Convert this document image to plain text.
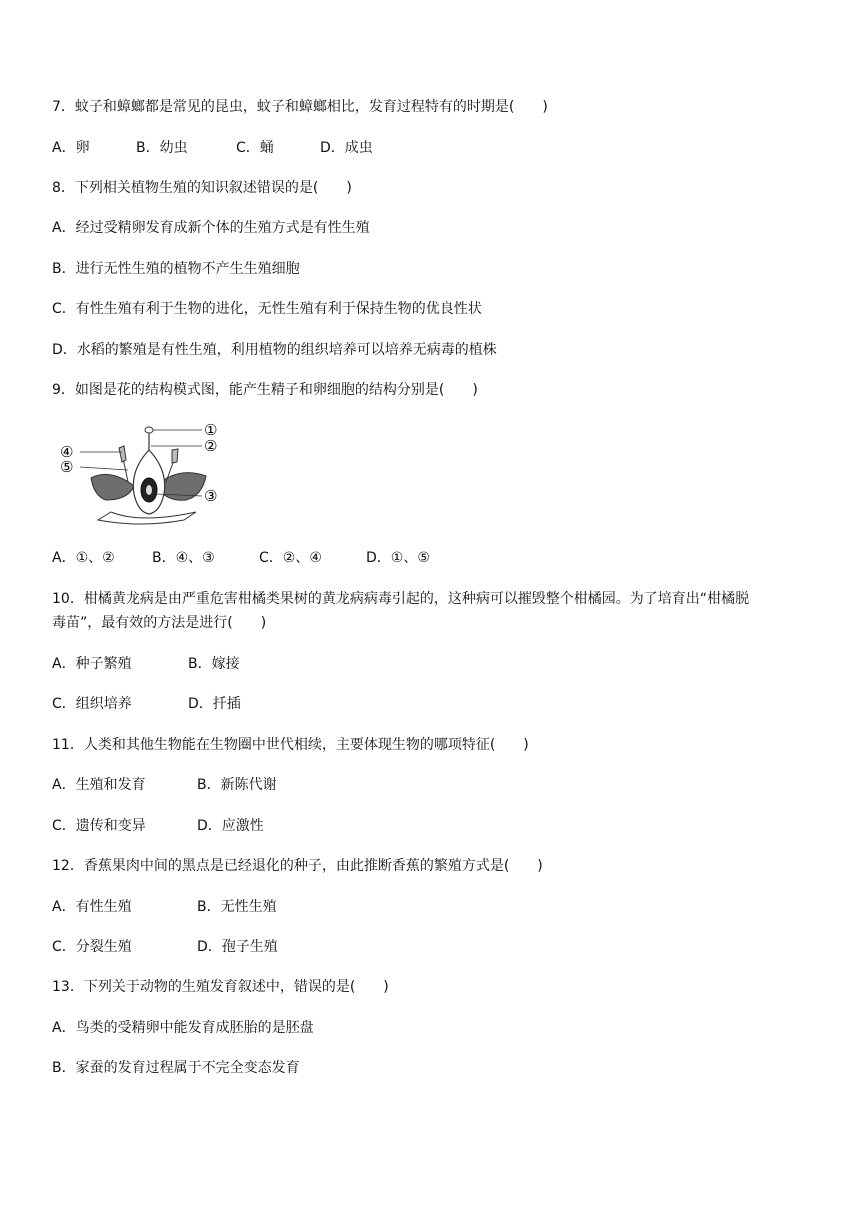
7．蚊子和蟑螂都是常见的昆虫，蚊子和蟑螂相比，发育过程特有的时期是(　　)
A．卵	B．幼虫	C．蛹	D．成虫
8．下列相关植物生殖的知识叙述错误的是(　　)
A．经过受精卵发育成新个体的生殖方式是有性生殖
B．进行无性生殖的植物不产生生殖细胞
C．有性生殖有利于生物的进化，无性生殖有利于保持生物的优良性状
D．水稻的繁殖是有性生殖，利用植物的组织培养可以培养无病毒的植株
9．如图是花的结构模式图，能产生精子和卵细胞的结构分别是(　　)
①
②
③
④
⑤
A．①、②	B．④、③	C．②、④	D．①、⑤
10．柑橘黄龙病是由严重危害柑橘类果树的黄龙病病毒引起的，这种病可以摧毁整个柑橘园。为了培育出“柑橘脱
毒苗”，最有效的方法是进行(　　)
A．种子繁殖	B．嫁接
C．组织培养	D．扦插
11．人类和其他生物能在生物圈中世代相续，主要体现生物的哪项特征(　　)
A．生殖和发育	B．新陈代谢
C．遗传和变异	D．应激性
12．香蕉果肉中间的黑点是已经退化的种子，由此推断香蕉的繁殖方式是(　　)
A．有性生殖	B．无性生殖
C．分裂生殖	D．孢子生殖
13．下列关于动物的生殖发育叙述中，错误的是(　　)
A．鸟类的受精卵中能发育成胚胎的是胚盘
B．家蚕的发育过程属于不完全变态发育
